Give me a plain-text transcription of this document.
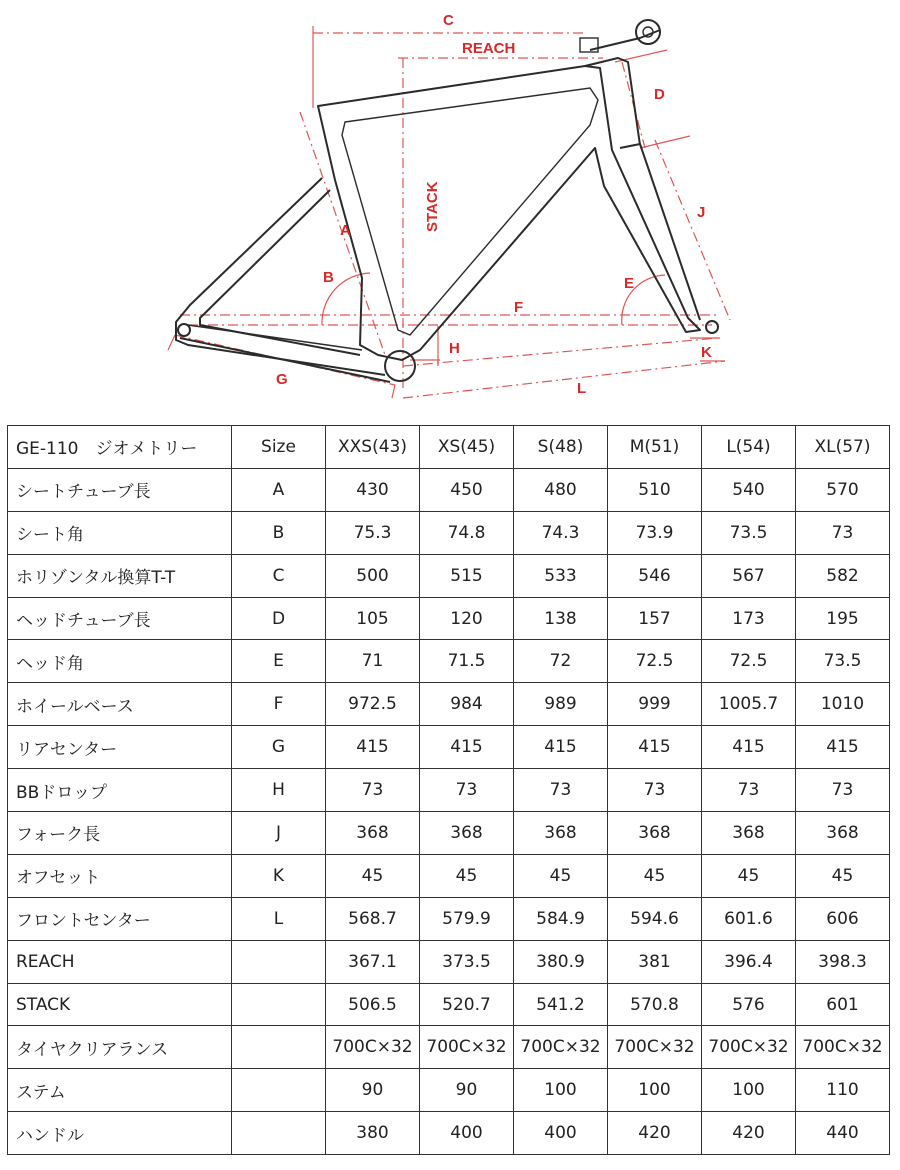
C
REACH
D
STACK	J
A
B	E
F
H	K
G
L
GE-110　ジオメトリー	Size	XXS(43)	XS(45)	S(48)	M(51)	L(54)	XL(57)
シートチューブ長	A	430	450	480	510	540	570
シート角	B	75.3	74.8	74.3	73.9	73.5	73
ホリゾンタル換算T-T	C	500	515	533	546	567	582
ヘッドチューブ長	D	105	120	138	157	173	195
ヘッド角	E	71	71.5	72	72.5	72.5	73.5
ホイールベース	F	972.5	984	989	999	1005.7	1010
リアセンター	G	415	415	415	415	415	415
BBドロップ	H	73	73	73	73	73	73
フォーク長	J	368	368	368	368	368	368
オフセット	K	45	45	45	45	45	45
フロントセンター	L	568.7	579.9	584.9	594.6	601.6	606
REACH		367.1	373.5	380.9	381	396.4	398.3
STACK		506.5	520.7	541.2	570.8	576	601
タイヤクリアランス		700C×32	700C×32	700C×32	700C×32	700C×32	700C×32
ステム		90	90	100	100	100	110
ハンドル		380	400	400	420	420	440
